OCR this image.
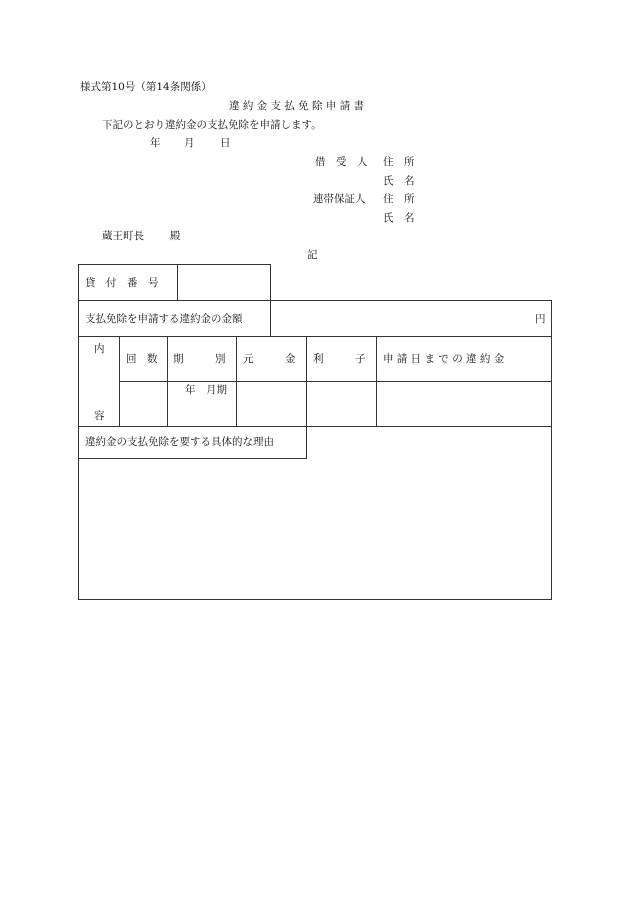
様式第10号（第14条関係）
違 約 金 支 払 免 除 申 請 書
下記のとおり違約金の支払免除を申請します。
年 月 日
借　受　人 住　所
氏　名
連帯保証人 住　所
氏　名
蔵王町長 殿
記
貸　付　番　号
支払免除を申請する違約金の金額	円
内
容
回　数 期　　　別 元　　　金 利　　　子 申 請 日 ま で の 違 約 金
年　月期
違約金の支払免除を要する具体的な理由
